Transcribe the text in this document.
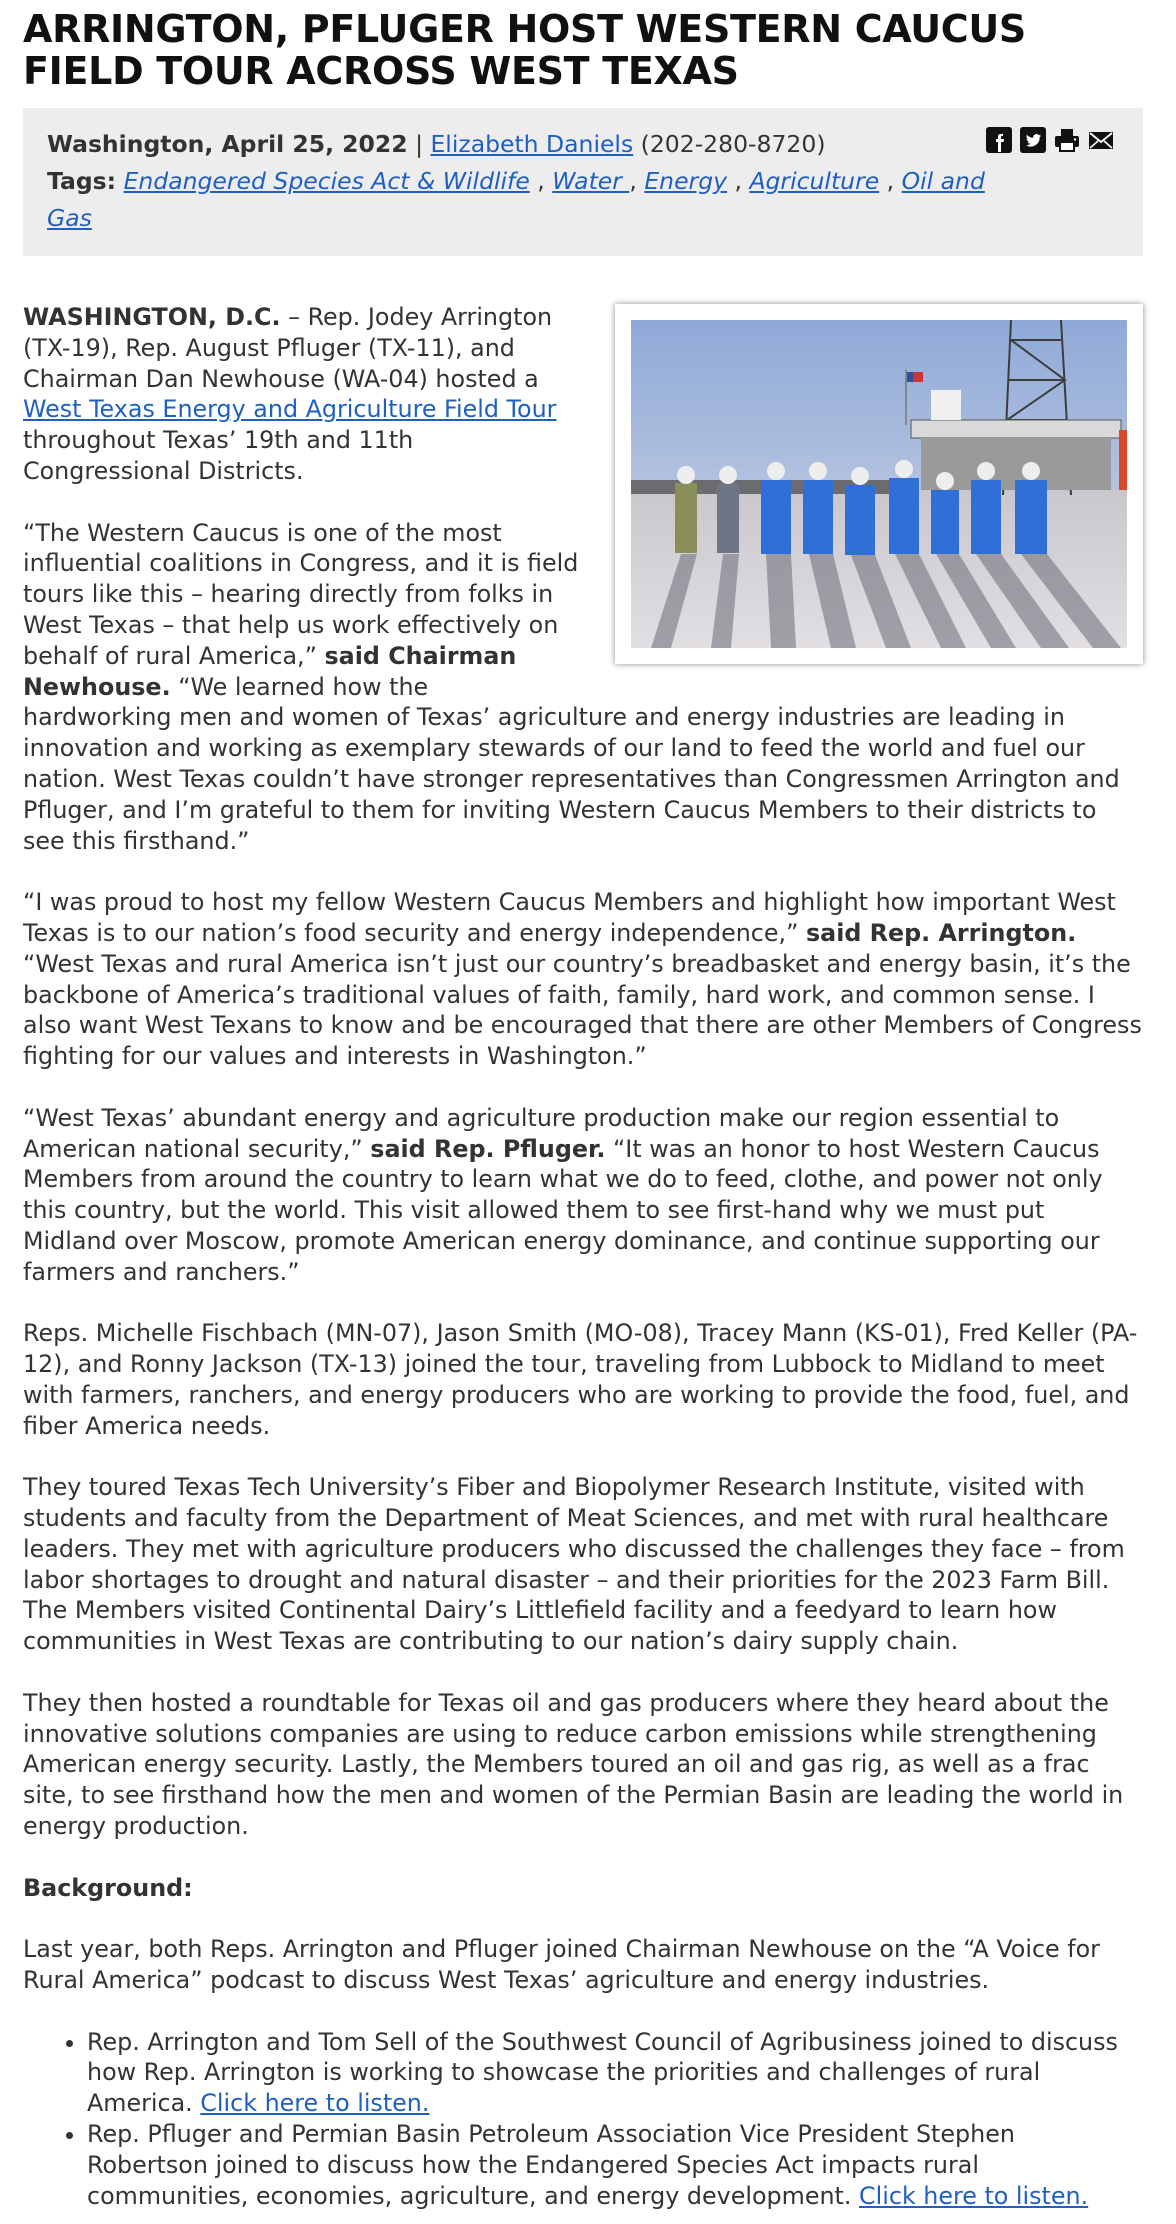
ARRINGTON, PFLUGER HOST WESTERN CAUCUS FIELD TOUR ACROSS WEST TEXAS
Washington, April 25, 2022 | Elizabeth Daniels (202-280-8720)
Tags: Endangered Species Act & Wildlife , Water , Energy , Agriculture , Oil and Gas

WASHINGTON, D.C. – Rep. Jodey Arrington (TX-19), Rep. August Pfluger (TX-11), and Chairman Dan Newhouse (WA-04) hosted a West Texas Energy and Agriculture Field Tour throughout Texas’ 19th and 11th Congressional Districts.

“The Western Caucus is one of the most influential coalitions in Congress, and it is field tours like this – hearing directly from folks in West Texas – that help us work effectively on behalf of rural America,” said Chairman Newhouse. “We learned how the hardworking men and women of Texas’ agriculture and energy industries are leading in innovation and working as exemplary stewards of our land to feed the world and fuel our nation. West Texas couldn’t have stronger representatives than Congressmen Arrington and Pfluger, and I’m grateful to them for inviting Western Caucus Members to their districts to see this firsthand.”

“I was proud to host my fellow Western Caucus Members and highlight how important West Texas is to our nation’s food security and energy independence,” said Rep. Arrington. “West Texas and rural America isn’t just our country’s breadbasket and energy basin, it’s the backbone of America’s traditional values of faith, family, hard work, and common sense. I also want West Texans to know and be encouraged that there are other Members of Congress fighting for our values and interests in Washington.”

“West Texas’ abundant energy and agriculture production make our region essential to American national security,” said Rep. Pfluger. “It was an honor to host Western Caucus Members from around the country to learn what we do to feed, clothe, and power not only this country, but the world. This visit allowed them to see first-hand why we must put Midland over Moscow, promote American energy dominance, and continue supporting our farmers and ranchers.”

Reps. Michelle Fischbach (MN-07), Jason Smith (MO-08), Tracey Mann (KS-01), Fred Keller (PA-12), and Ronny Jackson (TX-13) joined the tour, traveling from Lubbock to Midland to meet with farmers, ranchers, and energy producers who are working to provide the food, fuel, and fiber America needs.

They toured Texas Tech University’s Fiber and Biopolymer Research Institute, visited with students and faculty from the Department of Meat Sciences, and met with rural healthcare leaders. They met with agriculture producers who discussed the challenges they face – from labor shortages to drought and natural disaster – and their priorities for the 2023 Farm Bill. The Members visited Continental Dairy’s Littlefield facility and a feedyard to learn how communities in West Texas are contributing to our nation’s dairy supply chain.

They then hosted a roundtable for Texas oil and gas producers where they heard about the innovative solutions companies are using to reduce carbon emissions while strengthening American energy security. Lastly, the Members toured an oil and gas rig, as well as a frac site, to see firsthand how the men and women of the Permian Basin are leading the world in energy production.

Background:

Last year, both Reps. Arrington and Pfluger joined Chairman Newhouse on the “A Voice for Rural America” podcast to discuss West Texas’ agriculture and energy industries.

• Rep. Arrington and Tom Sell of the Southwest Council of Agribusiness joined to discuss how Rep. Arrington is working to showcase the priorities and challenges of rural America. Click here to listen.
• Rep. Pfluger and Permian Basin Petroleum Association Vice President Stephen Robertson joined to discuss how the Endangered Species Act impacts rural communities, economies, agriculture, and energy development. Click here to listen.
